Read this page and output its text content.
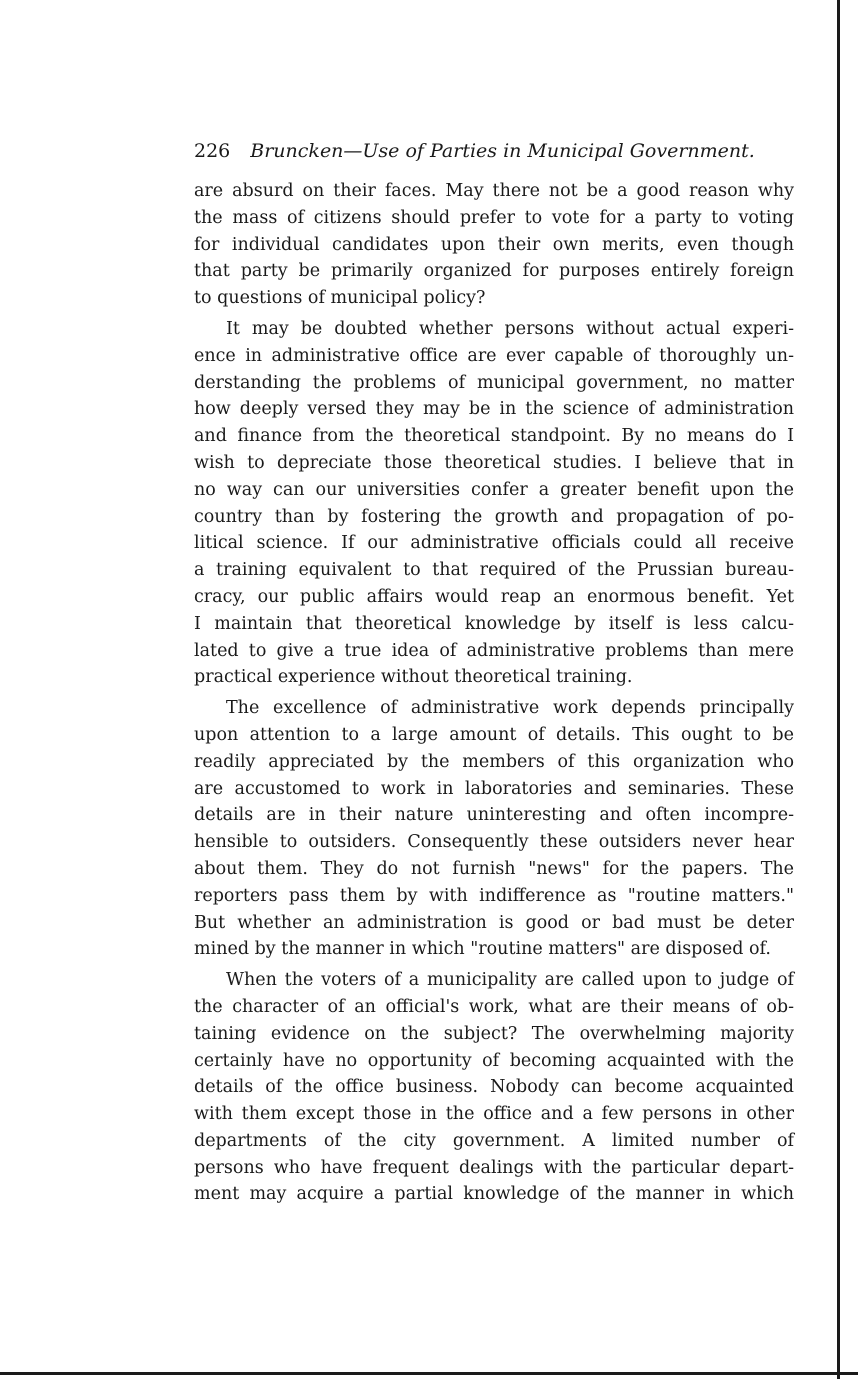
226 Bruncken—Use of Parties in Municipal Government.
are absurd on their faces. May there not be a good reason why
the mass of citizens should prefer to vote for a party to voting
for individual candidates upon their own merits, even though
that party be primarily organized for purposes entirely foreign
to questions of municipal policy?
It may be doubted whether persons without actual experi-
ence in administrative office are ever capable of thoroughly un-
derstanding the problems of municipal government, no matter
how deeply versed they may be in the science of administration
and finance from the theoretical standpoint. By no means do I
wish to depreciate those theoretical studies. I believe that in
no way can our universities confer a greater benefit upon the
country than by fostering the growth and propagation of po-
litical science. If our administrative officials could all receive
a training equivalent to that required of the Prussian bureau-
cracy, our public affairs would reap an enormous benefit. Yet
I maintain that theoretical knowledge by itself is less calcu-
lated to give a true idea of administrative problems than mere
practical experience without theoretical training.
The excellence of administrative work depends principally
upon attention to a large amount of details. This ought to be
readily appreciated by the members of this organization who
are accustomed to work in laboratories and seminaries. These
details are in their nature uninteresting and often incompre-
hensible to outsiders. Consequently these outsiders never hear
about them. They do not furnish "news" for the papers. The
reporters pass them by with indifference as "routine matters."
But whether an administration is good or bad must be deter
mined by the manner in which "routine matters" are disposed of.
When the voters of a municipality are called upon to judge of
the character of an official's work, what are their means of ob-
taining evidence on the subject? The overwhelming majority
certainly have no opportunity of becoming acquainted with the
details of the office business. Nobody can become acquainted
with them except those in the office and a few persons in other
departments of the city government. A limited number of
persons who have frequent dealings with the particular depart-
ment may acquire a partial knowledge of the manner in which
